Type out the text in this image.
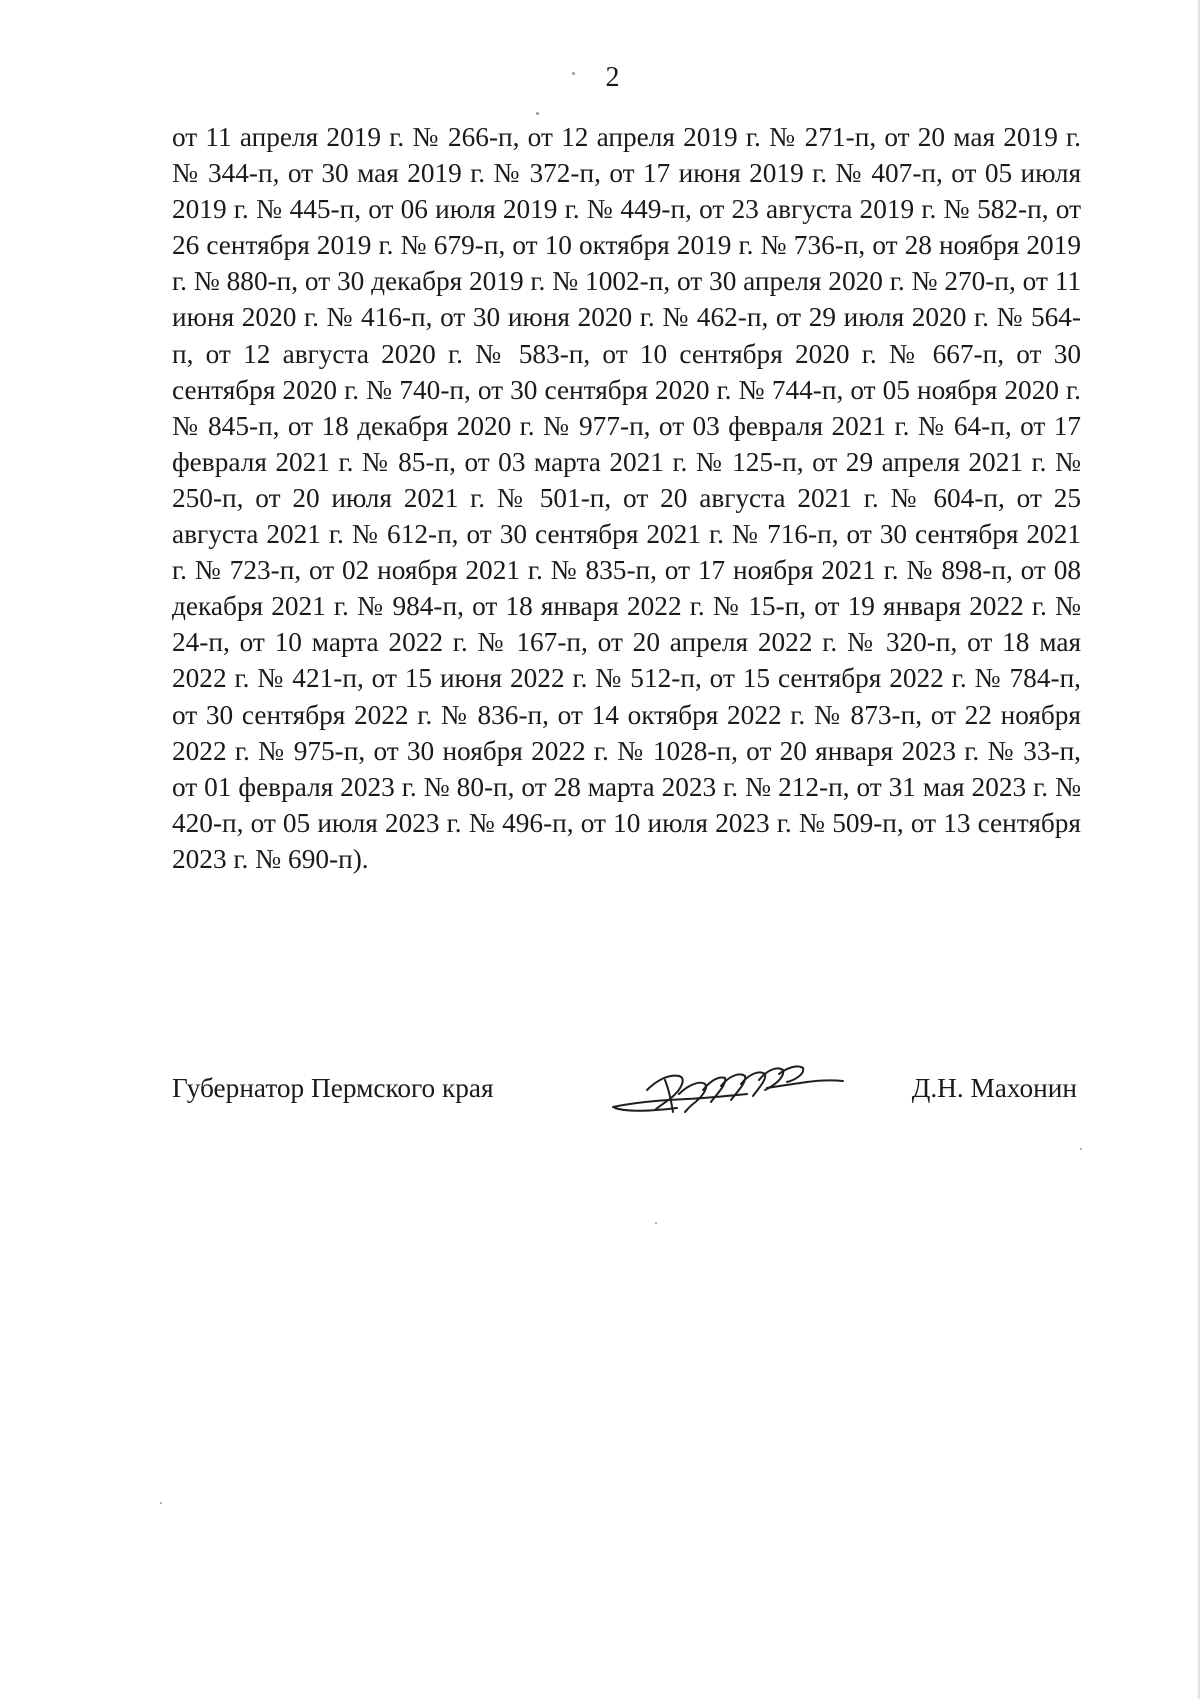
2

от 11 апреля 2019 г. № 266-п, от 12 апреля 2019 г. № 271-п, от 20 мая 2019 г. № 344-п, от 30 мая 2019 г. № 372-п, от 17 июня 2019 г. № 407-п, от 05 июля 2019 г. № 445-п, от 06 июля 2019 г. № 449-п, от 23 августа 2019 г. № 582-п, от 26 сентября 2019 г. № 679-п, от 10 октября 2019 г. № 736-п, от 28 ноября 2019 г. № 880-п, от 30 декабря 2019 г. № 1002-п, от 30 апреля 2020 г. № 270-п, от 11 июня 2020 г. № 416-п, от 30 июня 2020 г. № 462-п, от 29 июля 2020 г. № 564-п, от 12 августа 2020 г. № 583-п, от 10 сентября 2020 г. № 667-п, от 30 сентября 2020 г. № 740-п, от 30 сентября 2020 г. № 744-п, от 05 ноября 2020 г. № 845-п, от 18 декабря 2020 г. № 977-п, от 03 февраля 2021 г. № 64-п, от 17 февраля 2021 г. № 85-п, от 03 марта 2021 г. № 125-п, от 29 апреля 2021 г. № 250-п, от 20 июля 2021 г. № 501-п, от 20 августа 2021 г. № 604-п, от 25 августа 2021 г. № 612-п, от 30 сентября 2021 г. № 716-п, от 30 сентября 2021 г. № 723-п, от 02 ноября 2021 г. № 835-п, от 17 ноября 2021 г. № 898-п, от 08 декабря 2021 г. № 984-п, от 18 января 2022 г. № 15-п, от 19 января 2022 г. № 24-п, от 10 марта 2022 г. № 167-п, от 20 апреля 2022 г. № 320-п, от 18 мая 2022 г. № 421-п, от 15 июня 2022 г. № 512-п, от 15 сентября 2022 г. № 784-п, от 30 сентября 2022 г. № 836-п, от 14 октября 2022 г. № 873-п, от 22 ноября 2022 г. № 975-п, от 30 ноября 2022 г. № 1028-п, от 20 января 2023 г. № 33-п, от 01 февраля 2023 г. № 80-п, от 28 марта 2023 г. № 212-п, от 31 мая 2023 г. № 420-п, от 05 июля 2023 г. № 496-п, от 10 июля 2023 г. № 509-п, от 13 сентября 2023 г. № 690-п).

Губернатор Пермского края	Д.Н. Махонин
